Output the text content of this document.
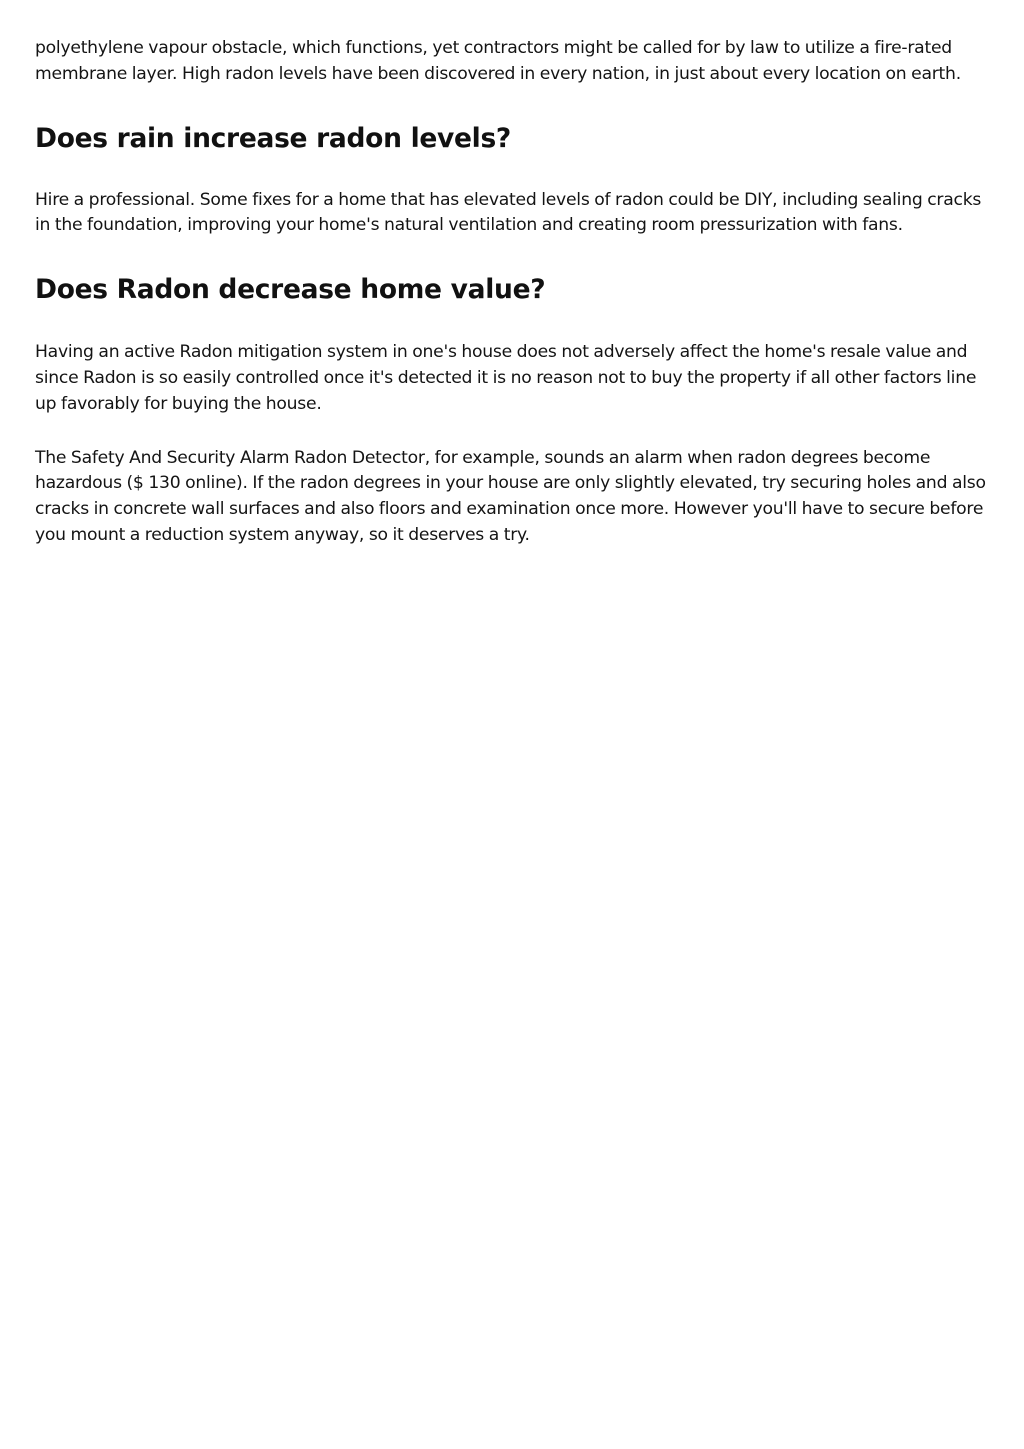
polyethylene vapour obstacle, which functions, yet contractors might be called for by law to utilize a fire-rated membrane layer. High radon levels have been discovered in every nation, in just about every location on earth.

Does rain increase radon levels?

Hire a professional. Some fixes for a home that has elevated levels of radon could be DIY, including sealing cracks in the foundation, improving your home's natural ventilation and creating room pressurization with fans.

Does Radon decrease home value?

Having an active Radon mitigation system in one's house does not adversely affect the home's resale value and since Radon is so easily controlled once it's detected it is no reason not to buy the property if all other factors line up favorably for buying the house.

The Safety And Security Alarm Radon Detector, for example, sounds an alarm when radon degrees become hazardous ($ 130 online). If the radon degrees in your house are only slightly elevated, try securing holes and also cracks in concrete wall surfaces and also floors and examination once more. However you'll have to secure before you mount a reduction system anyway, so it deserves a try.
